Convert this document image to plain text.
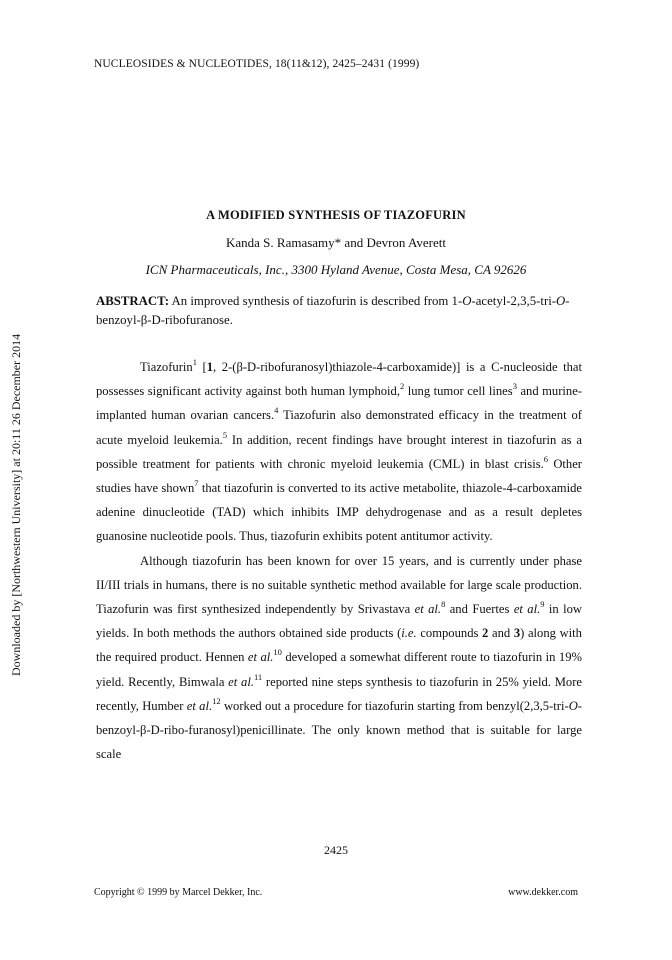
NUCLEOSIDES & NUCLEOTIDES, 18(11&12), 2425–2431 (1999)
Downloaded by [Northwestern University] at 20:11 26 December 2014
A MODIFIED SYNTHESIS OF TIAZOFURIN
Kanda S. Ramasamy* and Devron Averett
ICN Pharmaceuticals, Inc., 3300 Hyland Avenue, Costa Mesa, CA 92626
ABSTRACT: An improved synthesis of tiazofurin is described from 1-O-acetyl-2,3,5-tri-O-benzoyl-β-D-ribofuranose.

Tiazofurin$^1$ [1, 2-(β-D-ribofuranosyl)thiazole-4-carboxamide)] is a C-nucleoside that possesses significant activity against both human lymphoid,$^2$ lung tumor cell lines$^3$ and murine-implanted human ovarian cancers.$^4$ Tiazofurin also demonstrated efficacy in the treatment of acute myeloid leukemia.$^5$ In addition, recent findings have brought interest in tiazofurin as a possible treatment for patients with chronic myeloid leukemia (CML) in blast crisis.$^6$ Other studies have shown$^7$ that tiazofurin is converted to its active metabolite, thiazole-4-carboxamide adenine dinucleotide (TAD) which inhibits IMP dehydrogenase and as a result depletes guanosine nucleotide pools. Thus, tiazofurin exhibits potent antitumor activity.

Although tiazofurin has been known for over 15 years, and is currently under phase II/III trials in humans, there is no suitable synthetic method available for large scale production. Tiazofurin was first synthesized independently by Srivastava et al.$^8$ and Fuertes et al.$^9$ in low yields. In both methods the authors obtained side products (i.e. compounds 2 and 3) along with the required product. Hennen et al.$^{10}$ developed a somewhat different route to tiazofurin in 19% yield. Recently, Bimwala et al.$^{11}$ reported nine steps synthesis to tiazofurin in 25% yield. More recently, Humber et al.$^{12}$ worked out a procedure for tiazofurin starting from benzyl(2,3,5-tri-O-benzoyl-β-D-ribo-furanosyl)penicillinate. The only known method that is suitable for large scale

2425
Copyright © 1999 by Marcel Dekker, Inc.	www.dekker.com
